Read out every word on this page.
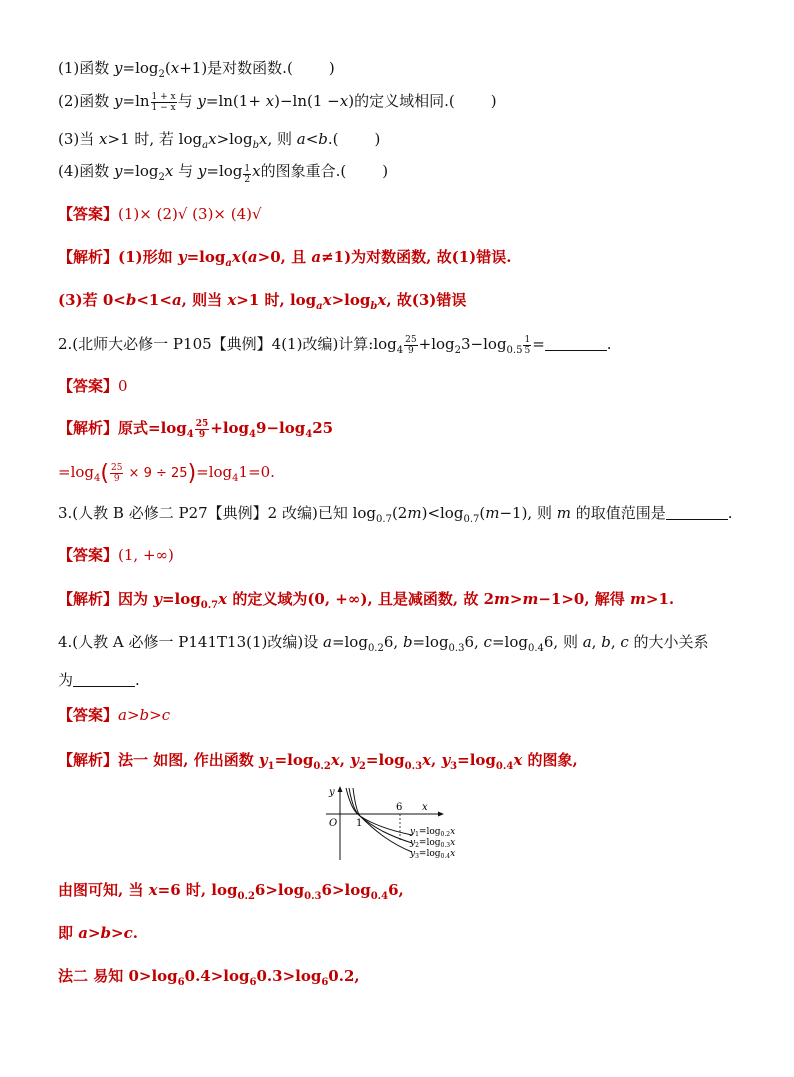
(1)函数 $y=\log_2(x+1)$是对数函数.( )
(2)函数 $y=\ln \frac{1 + x}{1 - x}$ 与 y=ln(1+ x)−ln(1 −x)的定义域相同.( )
(3)当 x>1 时, 若 $\log_ax>\log_bx$, 则 a<b.( )
(4)函数 $y=\log_2x$ 与 $y=\log \frac{1}{2}$ x的图象重合.( )
【答案】(1)× (2)√ (3)× (4)√
【解析】(1)形如 $y=\log_ax(a>0$, 且 a≠1)为对数函数, 故(1)错误.
(3)若 0<b<1<a, 则当 x>1 时, $\log_ax>\log_bx$, 故(3)错误
2.(北师大必修一 P105【典例】4(1)改编)计算$:\log_4 \frac{25}{9} +\log_23-\log_{0.5} \frac{1}{5}$ =	.
【答案】0
【解析】原式$=\log_4 \frac{25}{9} +\log_49-\log_425$
$=\log_4( \frac{25}{9} \times 9 \div 25)=\log_41=0$.
3.(人教 B 必修二 P27【典例】2 改编)已知 $\log_{0.7}(2m)<\log_{0.7}(m-1)$, 则 m 的取值范围是	.
【答案】(1, +∞)
【解析】因为 $y=\log_{0.7}x$ 的定义域为(0, +∞), 且是减函数, 故 2m>m−1>0, 解得 m>1.
4.(人教 A 必修一 P141T13(1)改编)设 $a=\log_{0.2}6$, $b=\log_{0.3}6$, $c=\log_{0.4}6$, 则 a, b, c 的大小关系
为	.
【答案】a>b>c
【解析】法一 如图, 作出函数 $y_1=\log_{0.2}x$, $y_2=\log_{0.3}x$, $y_3=\log_{0.4}x$ 的图象,
y
x
O 1
6
$y_1=\log_{0.2}x$
$y_2=\log_{0.3}x$
$y_3=\log_{0.4}x$
由图可知, 当 x=6 时, $\log_{0.2}6>\log_{0.3}6>\log_{0.4}6$,
即 a>b>c.
法二 易知 $0>\log_60.4>\log_60.3>\log_60.2$,
